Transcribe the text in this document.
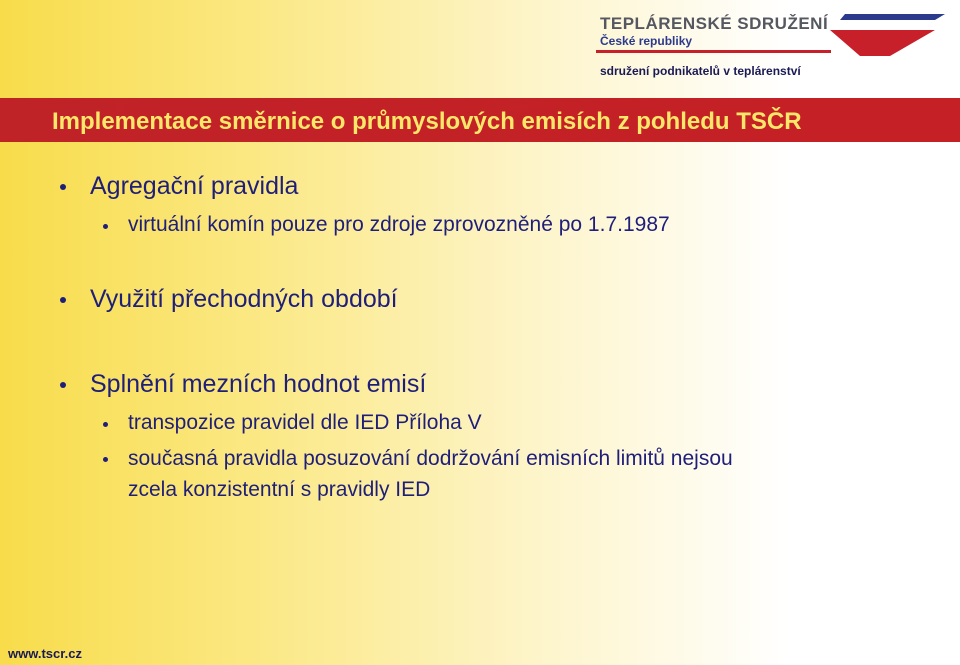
TEPLÁRENSKÉ SDRUŽENÍ
České republiky
sdružení podnikatelů v teplárenství
Implementace směrnice o průmyslových emisích z pohledu TSČR
Agregační pravidla
virtuální komín pouze pro zdroje zprovozněné po 1.7.1987
Využití přechodných období
Splnění mezních hodnot emisí
transpozice pravidel dle IED Příloha V
současná pravidla posuzování dodržování emisních limitů nejsou
zcela konzistentní s pravidly IED
www.tscr.cz
